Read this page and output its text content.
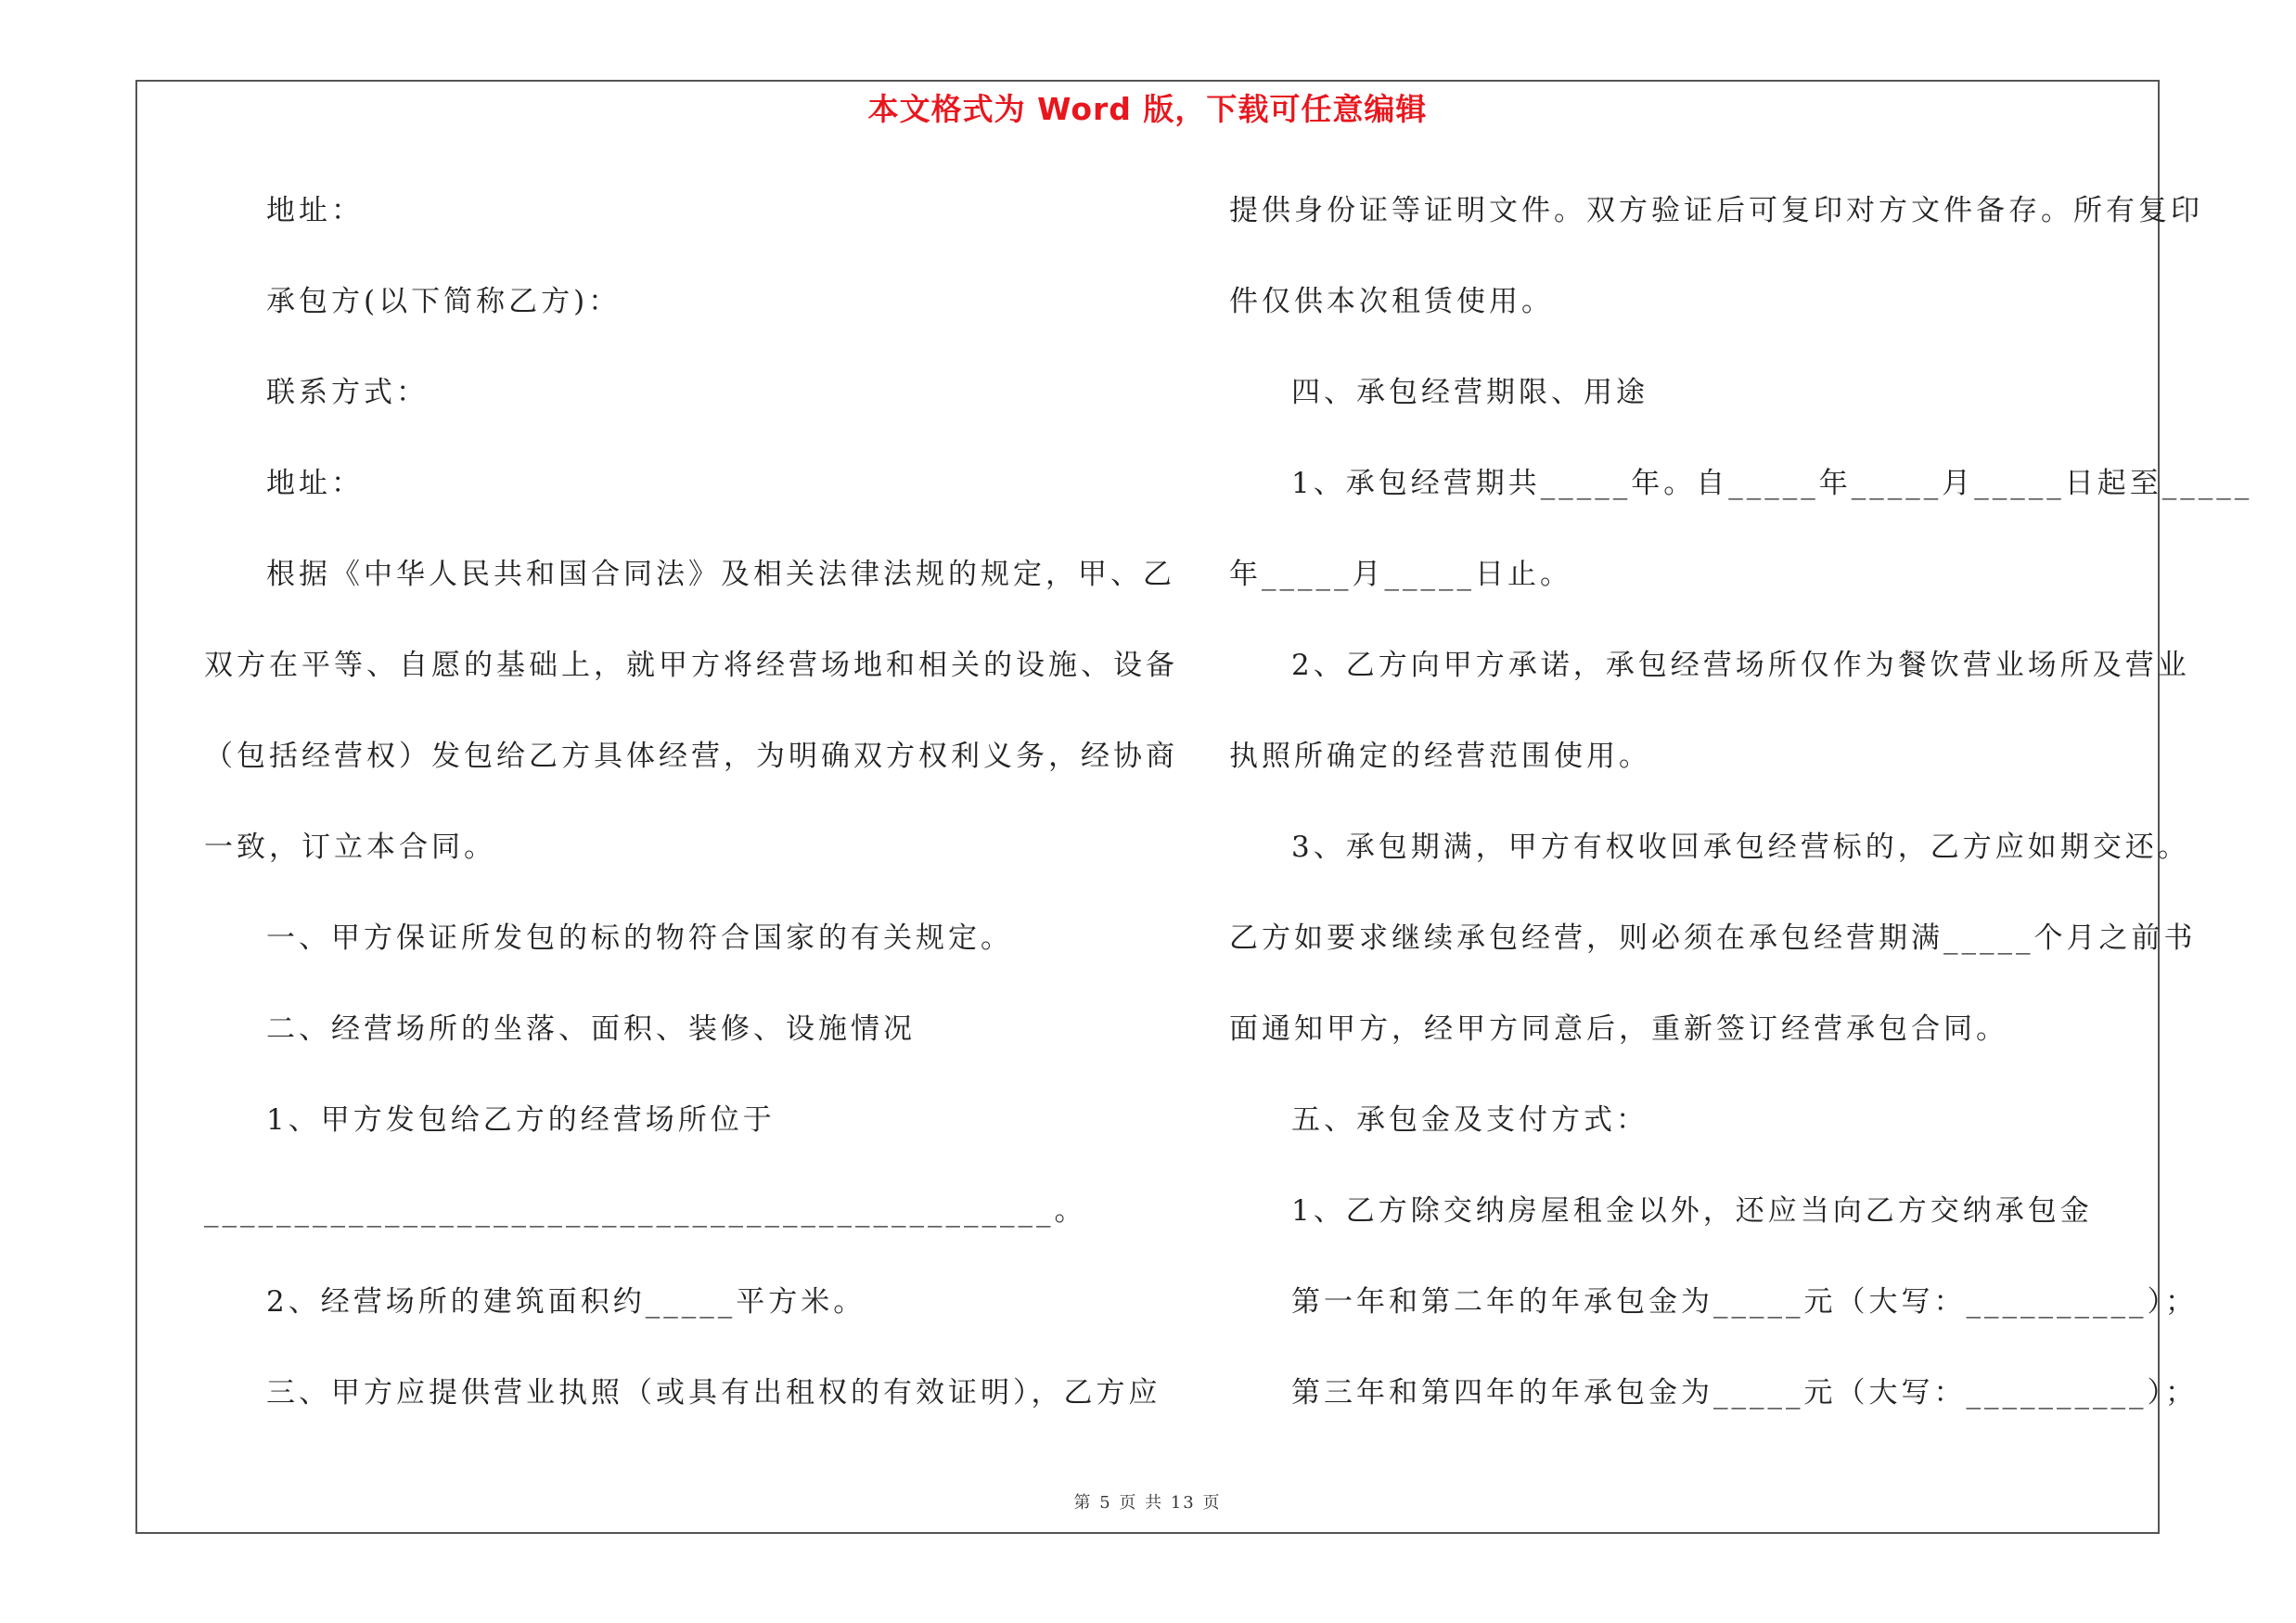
本文格式为 Word 版，下载可任意编辑
地址：
承包方(以下简称乙方)：
联系方式：
地址：
根据《中华人民共和国合同法》及相关法律法规的规定，甲、乙
双方在平等、自愿的基础上，就甲方将经营场地和相关的设施、设备
（包括经营权）发包给乙方具体经营，为明确双方权利义务，经协商
一致，订立本合同。
一、甲方保证所发包的标的物符合国家的有关规定。
二、经营场所的坐落、面积、装修、设施情况
1、甲方发包给乙方的经营场所位于
_______________________________________________。
2、经营场所的建筑面积约_____平方米。
三、甲方应提供营业执照（或具有出租权的有效证明），乙方应
提供身份证等证明文件。双方验证后可复印对方文件备存。所有复印
件仅供本次租赁使用。
四、承包经营期限、用途
1、承包经营期共_____年。自_____年_____月_____日起至_____
年_____月_____日止。
2、乙方向甲方承诺，承包经营场所仅作为餐饮营业场所及营业
执照所确定的经营范围使用。
3、承包期满，甲方有权收回承包经营标的，乙方应如期交还。
乙方如要求继续承包经营，则必须在承包经营期满_____个月之前书
面通知甲方，经甲方同意后，重新签订经营承包合同。
五、承包金及支付方式：
1、乙方除交纳房屋租金以外，还应当向乙方交纳承包金
第一年和第二年的年承包金为_____元（大写：__________）；
第三年和第四年的年承包金为_____元（大写：__________）；
第 5 页 共 13 页
